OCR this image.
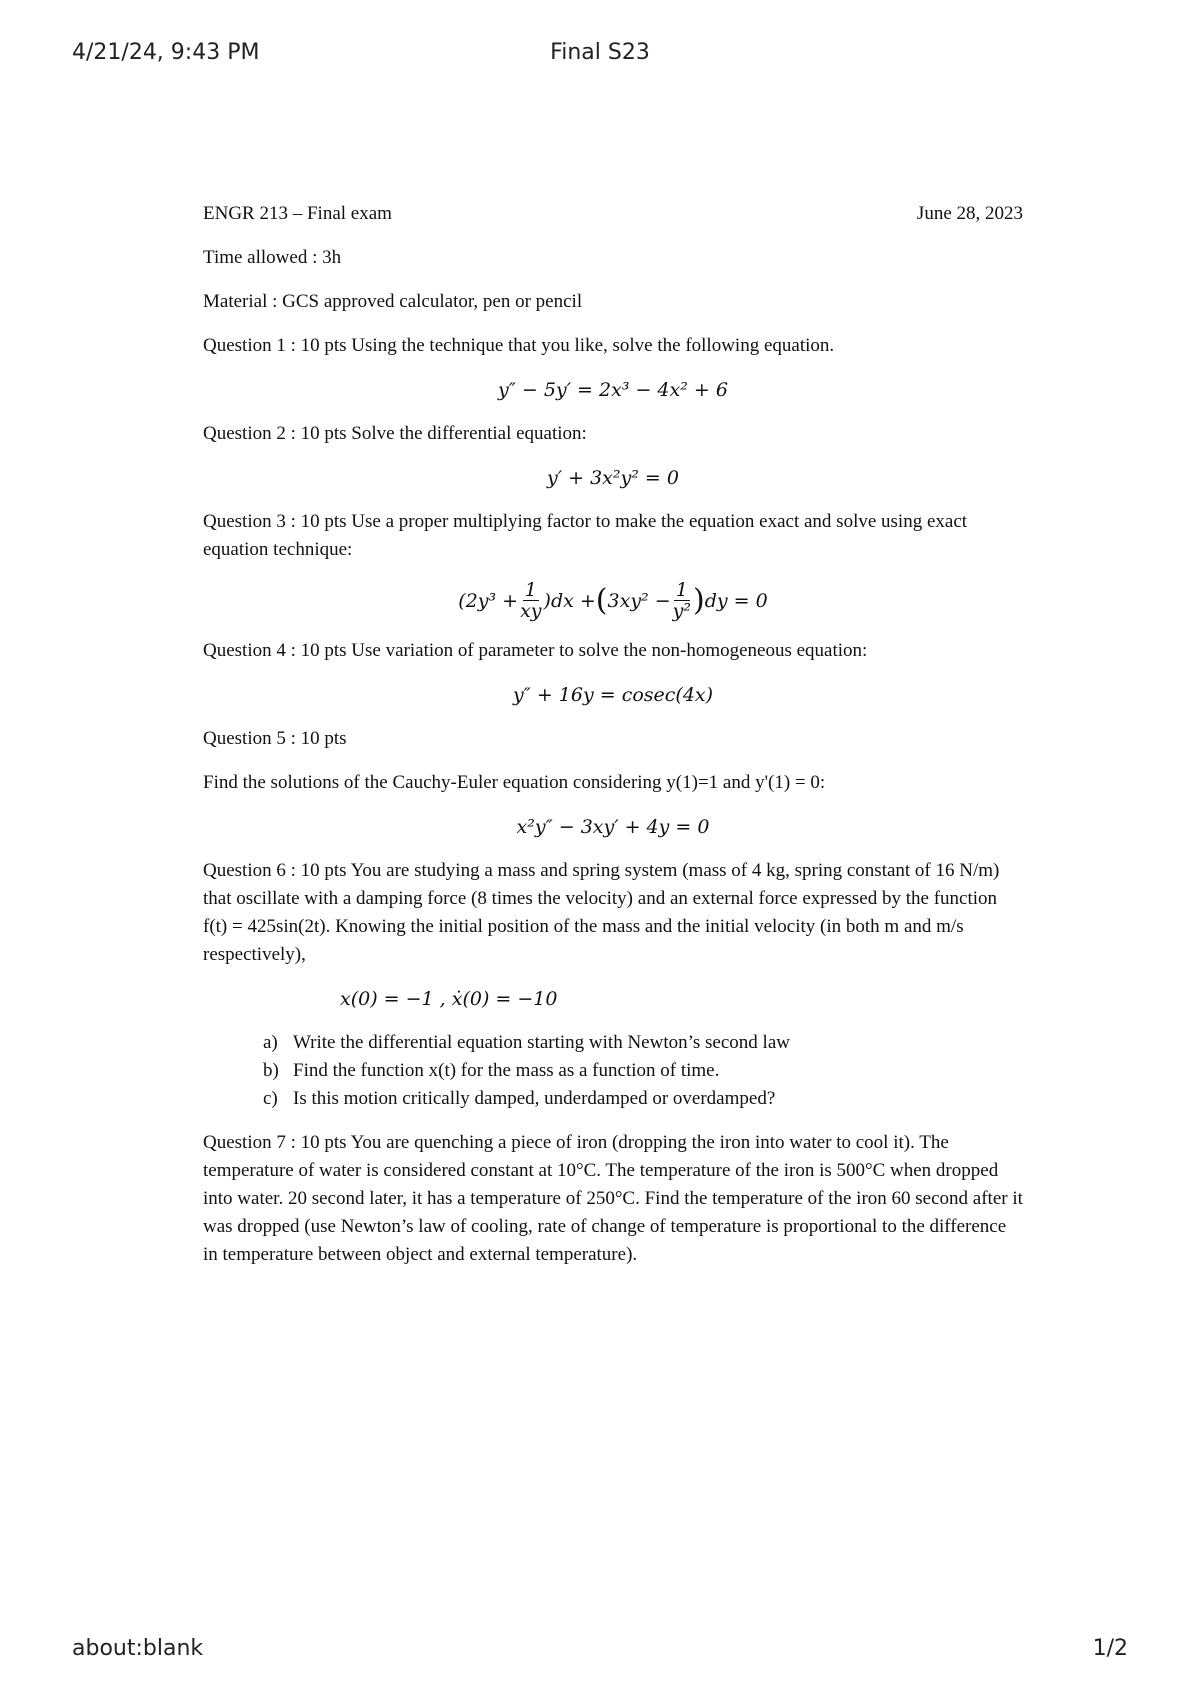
4/21/24, 9:43 PM	Final S23
ENGR 213 – Final exam	June 28, 2023

Time allowed : 3h

Material : GCS approved calculator, pen or pencil

Question 1 : 10 pts Using the technique that you like, solve the following equation.

y″ − 5y′ = 2x³ − 4x² + 6

Question 2 : 10 pts Solve the differential equation:

y′ + 3x²y² = 0

Question 3 : 10 pts Use a proper multiplying factor to make the equation exact and solve using exact equation technique:

$(2y^3 + \frac{1}{xy} )dx$ + ( $3xy^2 - \frac{1}{\text{y²}}$ ) dy = 0

Question 4 : 10 pts Use variation of parameter to solve the non-homogeneous equation:

y″ + 16y = cosec(4x)

Question 5 : 10 pts

Find the solutions of the Cauchy-Euler equation considering y(1)=1 and y'(1) = 0:

x²y″ − 3xy′ + 4y = 0

Question 6 : 10 pts You are studying a mass and spring system (mass of 4 kg, spring constant of 16 N/m) that oscillate with a damping force (8 times the velocity) and an external force expressed by the function f(t) = 425sin(2t). Knowing the initial position of the mass and the initial velocity (in both m and m/s respectively),

x(0) = −1 , ẋ(0) = −10
a) Write the differential equation starting with Newton’s second law
b) Find the function x(t) for the mass as a function of time.
c) Is this motion critically damped, underdamped or overdamped?

Question 7 : 10 pts You are quenching a piece of iron (dropping the iron into water to cool it). The temperature of water is considered constant at 10°C. The temperature of the iron is 500°C when dropped into water. 20 second later, it has a temperature of 250°C. Find the temperature of the iron 60 second after it was dropped (use Newton’s law of cooling, rate of change of temperature is proportional to the difference in temperature between object and external temperature).

about:blank	1/2
